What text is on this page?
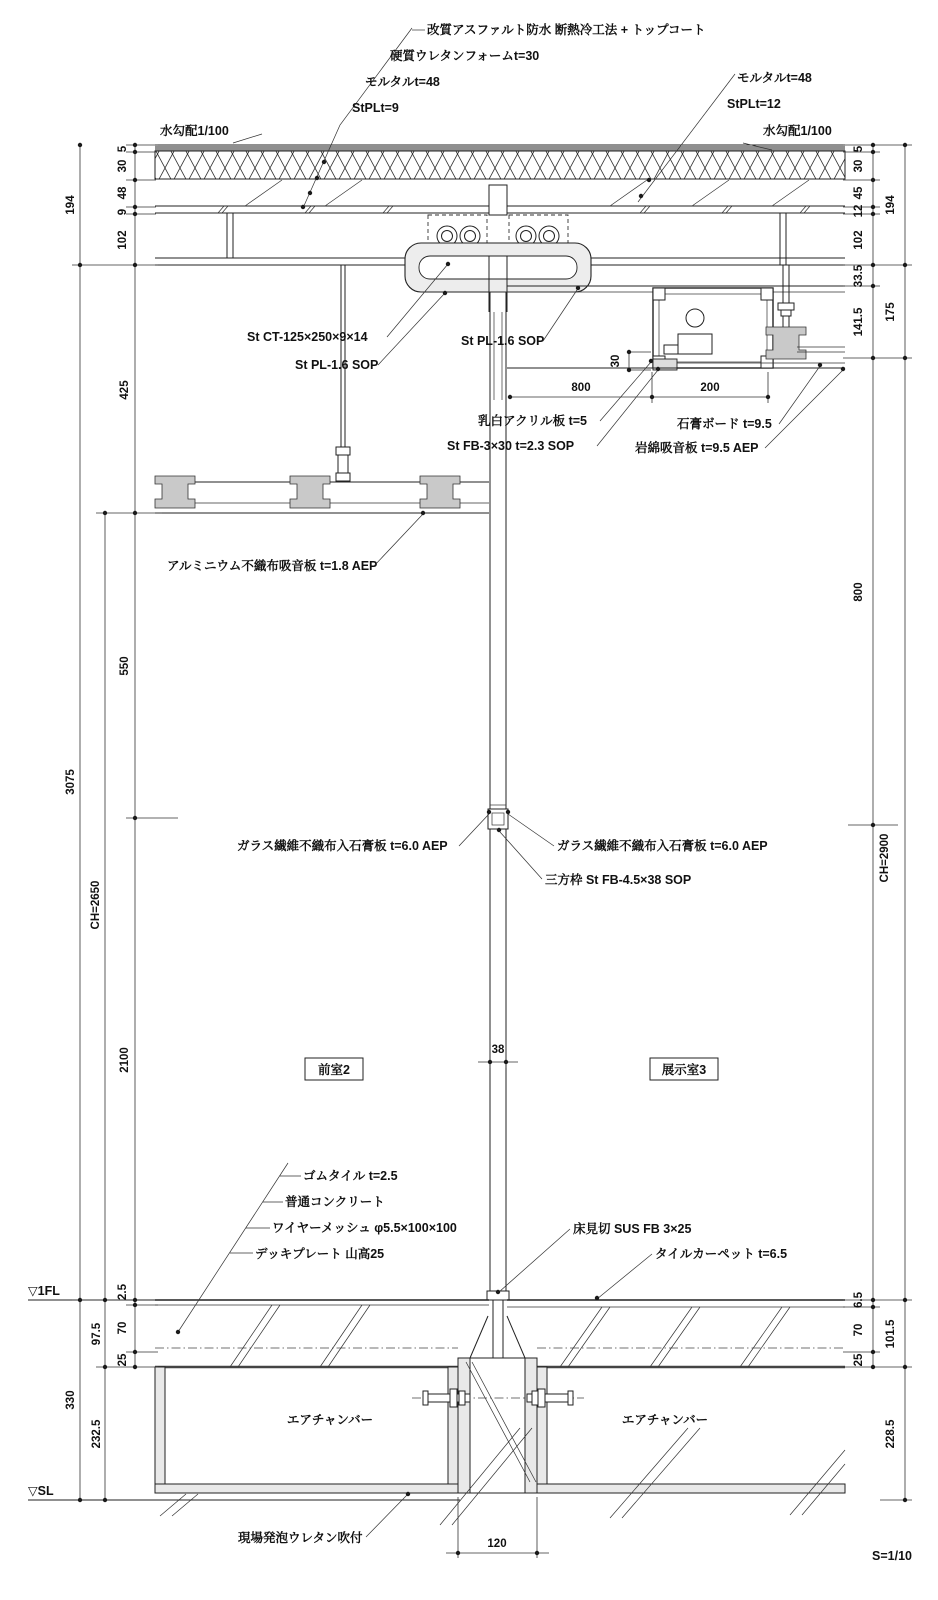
30
800	200
38
前室2	展示室3
エアチャンバー	エアチャンバー
▽1FL
▽SL
5
30
48
9
102
194
425
550
2100
3075
CH=2650
2.5
70
25
97.5
232.5
330
5
30
45
12
102
33.5
141.5
194
175
800
CH=2900
6.5
70
25
101.5
228.5
改質アスファルト防水 断熱冷工法 + トップコート
硬質ウレタンフォームt=30
モルタルt=48
StPLt=9
モルタルt=48
StPLt=12
水勾配1/100	水勾配1/100
St CT-125×250×9×14
St PL-1.6 SOP
St PL-1.6 SOP
乳白アクリル板 t=5
St FB-3×30 t=2.3 SOP
石膏ボード t=9.5
岩綿吸音板 t=9.5 AEP
アルミニウム不織布吸音板 t=1.8 AEP
ガラス繊維不織布入石膏板 t=6.0 AEP	ガラス繊維不織布入石膏板 t=6.0 AEP
三方枠 St FB-4.5×38 SOP
ゴムタイル t=2.5
普通コンクリート
ワイヤーメッシュ φ5.5×100×100
デッキプレート 山高25
床見切 SUS FB 3×25
タイルカーペット t=6.5
現場発泡ウレタン吹付	120
S=1/10
